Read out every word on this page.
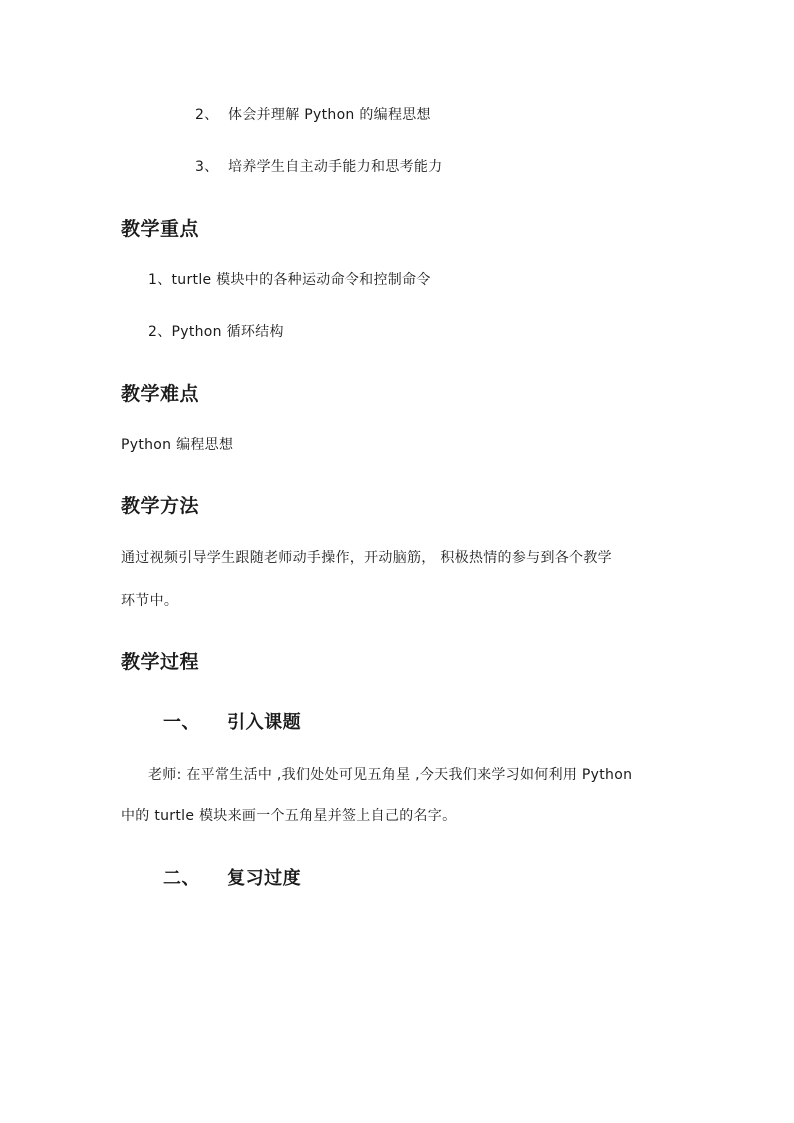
2、 体会并理解 Python 的编程思想
3、 培养学生自主动手能力和思考能力
教学重点
1、turtle 模块中的各种运动命令和控制命令
2、Python 循环结构
教学难点
Python 编程思想
教学方法
通过视频引导学生跟随老师动手操作，开动脑筋， 积极热情的参与到各个教学
环节中。
教学过程
一、 引入课题
老师: 在平常生活中 ,我们处处可见五角星 ,今天我们来学习如何利用 Python
中的 turtle 模块来画一个五角星并签上自己的名字。
二、 复习过度
